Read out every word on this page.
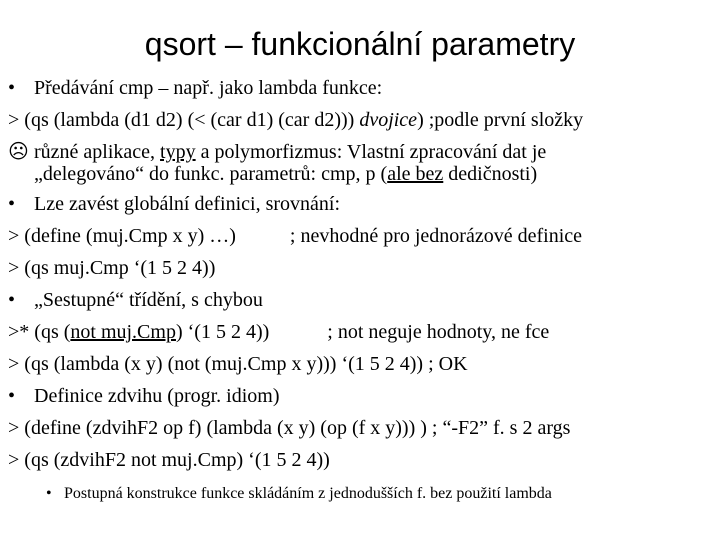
qsort – funkcionální parametry
• Předávání cmp – např. jako lambda funkce:
> (qs (lambda (d1 d2) (< (car d1) (car d2))) dvojice) ;podle první složky
☹ různé aplikace, typy a polymorfizmus: Vlastní zpracování dat je
„delegováno“ do funkc. parametrů: cmp, p (ale bez dedičnosti)
• Lze zavést globální definici, srovnání:
> (define (muj.Cmp x y) …)	; nevhodné pro jednorázové definice
> (qs muj.Cmp ‘(1 5 2 4))
• „Sestupné“ třídění, s chybou
>* (qs (not muj.Cmp) ‘(1 5 2 4))	; not neguje hodnoty, ne fce
> (qs (lambda (x y) (not (muj.Cmp x y))) ‘(1 5 2 4)) ; OK
• Definice zdvihu (progr. idiom)
> (define (zdvihF2 op f) (lambda (x y) (op (f x y))) ) ; “-F2” f. s 2 args
> (qs (zdvihF2 not muj.Cmp) ‘(1 5 2 4))
• Postupná konstrukce funkce skládáním z jednodušších f. bez použití lambda
